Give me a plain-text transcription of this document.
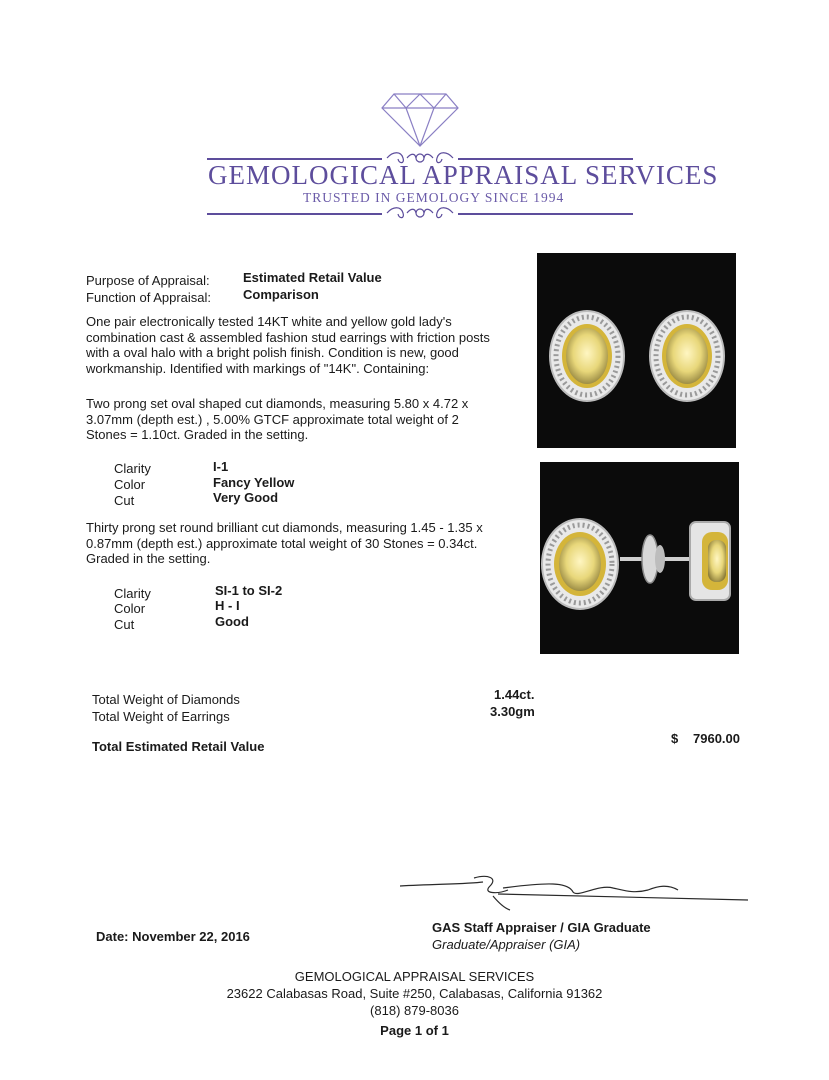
GEMOLOGICAL APPRAISAL SERVICES
TRUSTED IN GEMOLOGY SINCE 1994
Purpose of Appraisal:	Estimated Retail Value
Function of Appraisal: Comparison
One pair electronically tested 14KT white and yellow gold lady's combination cast & assembled fashion stud earrings with friction posts with a oval halo with a bright polish finish. Condition is new, good workmanship. Identified with markings of "14K". Containing:
Two prong set oval shaped cut diamonds, measuring 5.80 x 4.72 x 3.07mm (depth est.) , 5.00% GTCF approximate total weight of 2 Stones = 1.10ct. Graded in the setting.
Clarity	I-1
Color	Fancy Yellow
Cut	Very Good
Thirty prong set round brilliant cut diamonds, measuring 1.45 - 1.35 x 0.87mm (depth est.) approximate total weight of 30 Stones = 0.34ct. Graded in the setting.
Clarity	SI-1 to SI-2
Color	H - I
Cut	Good
Total Weight of Diamonds	1.44ct.
Total Weight of Earrings	3.30gm
Total Estimated Retail Value
$ 7960.00
Date: November 22, 2016
GAS Staff Appraiser / GIA Graduate
Graduate/Appraiser (GIA)
GEMOLOGICAL APPRAISAL SERVICES
23622 Calabasas Road, Suite #250, Calabasas, California 91362
(818) 879-8036
Page 1 of 1
